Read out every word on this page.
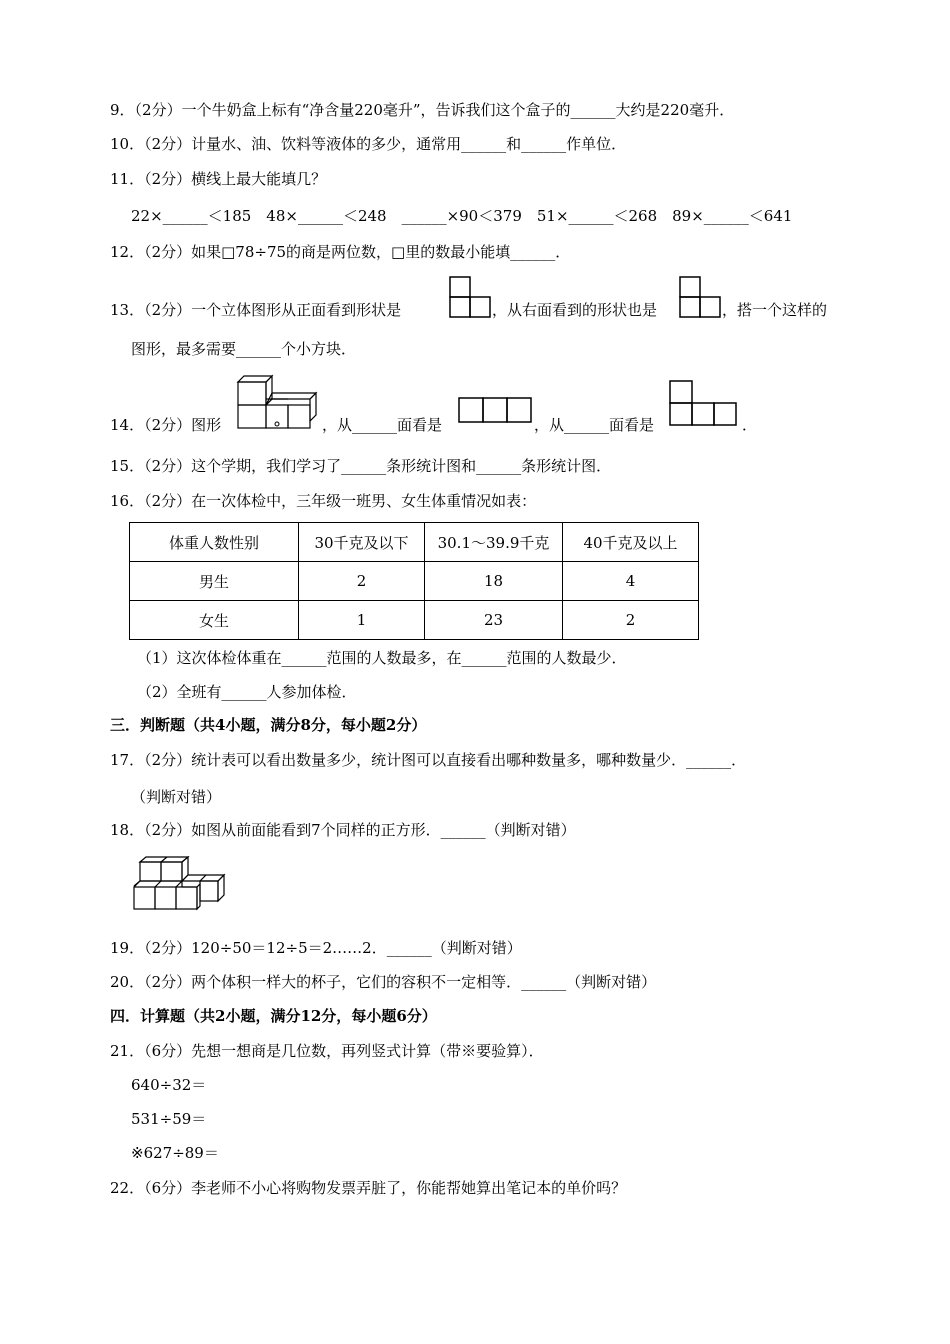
9．（2分）一个牛奶盒上标有“净含量220毫升”，告诉我们这个盒子的______大约是220毫升．
10．（2分）计量水、油、饮料等液体的多少，通常用______和______作单位．
11．（2分）横线上最大能填几？
22×______＜185　48×______＜248　______×90＜379　51×______＜268　89×______＜641
12．（2分）如果□78÷75的商是两位数，□里的数最小能填______．
13．（2分）一个立体图形从正面看到形状是	，从右面看到的形状也是	，搭一个这样的
图形，最多需要______个小方块．
14．（2分）图形	，从______面看是	，从______面看是	．
15．（2分）这个学期，我们学习了______条形统计图和______条形统计图．
16．（2分）在一次体检中，三年级一班男、女生体重情况如表：
体重人数性别	30千克及以下	30.1～39.9千克	40千克及以上
男生	2	18	4
女生	1	23	2
（1）这次体检体重在______范围的人数最多，在______范围的人数最少．
（2）全班有______人参加体检．
三．判断题（共4小题，满分8分，每小题2分）
17．（2分）统计表可以看出数量多少，统计图可以直接看出哪种数量多，哪种数量少．______．
（判断对错）
18．（2分）如图从前面能看到7个同样的正方形．______（判断对错）
19．（2分）120÷50＝12÷5＝2……2．______（判断对错）
20．（2分）两个体积一样大的杯子，它们的容积不一定相等．______（判断对错）
四．计算题（共2小题，满分12分，每小题6分）
21．（6分）先想一想商是几位数，再列竖式计算（带※要验算）．
640÷32＝
531÷59＝
※627÷89＝
22．（6分）李老师不小心将购物发票弄脏了，你能帮她算出笔记本的单价吗？
